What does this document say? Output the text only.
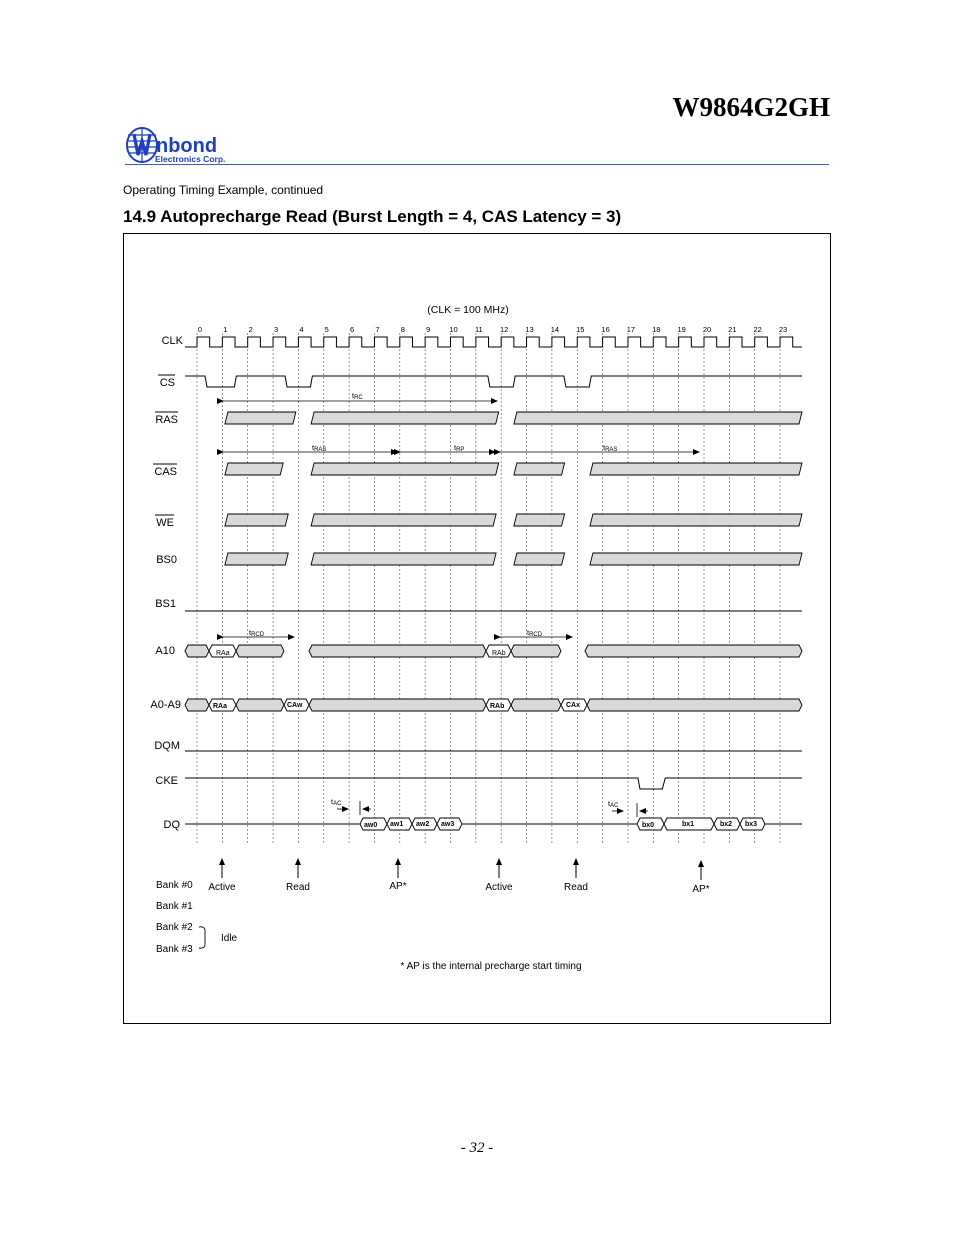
W9864G2GH
nbond
Electronics Corp.
Operating Timing Example, continued
14.9 Autoprecharge Read (Burst Length = 4, CAS Latency = 3)
(CLK = 100 MHz)
0	1	2	3	4	5	6	7	8	9	10 11 12 13 14 15 16 17 18 19 20 21 22 23
CLK
CS
RAS
CAS
WE
BS0
BS1
A10
A0-A9
DQM
CKE
DQ
tRC
tRAS	tRP	tRAS
tRCD	tRCD
tAC	tAC
RAa	RAb
RAa	CAw	RAb	CAx
aw0 aw1 aw2 aw3	bx0	bx1	bx2 bx3
Active	Read	AP*	Active	Read	AP*
Bank #0
Bank #1
Bank #2
Bank #3
Idle
* AP is the internal precharge start timing
- 32 -
